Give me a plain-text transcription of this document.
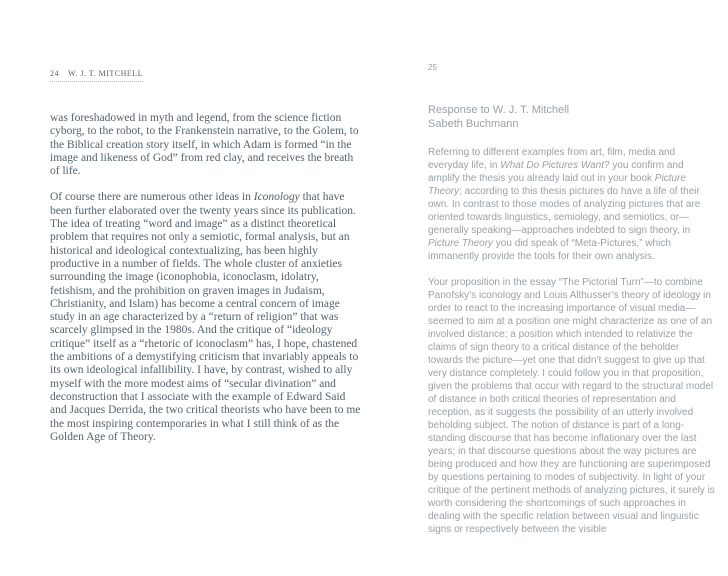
24 W. J. T. MITCHELL

was foreshadowed in myth and legend, from the science fiction cyborg, to the robot, to the Frankenstein narrative, to the Golem, to the Biblical creation story itself, in which Adam is formed “in the image and likeness of God” from red clay, and receives the breath of life.

Of course there are numerous other ideas in Iconology that have been further elaborated over the twenty years since its publication. The idea of treating “word and image” as a distinct theoretical problem that requires not only a semiotic, formal analysis, but an historical and ideological contextualizing, has been highly productive in a number of fields. The whole cluster of anxieties surrounding the image (iconophobia, iconoclasm, idolatry, fetishism, and the prohibition on graven images in Judaism, Christianity, and Islam) has become a central concern of image study in an age characterized by a “return of religion” that was scarcely glimpsed in the 1980s. And the critique of “ideology critique” itself as a “rhetoric of iconoclasm” has, I hope, chastened the ambitions of a demystifying criticism that invariably appeals to its own ideological infallibility. I have, by contrast, wished to ally myself with the more modest aims of “secular divination” and deconstruction that I associate with the example of Edward Said and Jacques Derrida, the two critical theorists who have been to me the most inspiring contemporaries in what I still think of as the Golden Age of Theory.

25
Response to W. J. T. Mitchell
Sabeth Buchmann

Referring to different examples from art, film, media and everyday life, in What Do Pictures Want? you confirm and amplify the thesis you already laid out in your book Picture Theory; according to this thesis pictures do have a life of their own. In contrast to those modes of analyzing pictures that are oriented towards linguistics, semiology, and semiotics, or—generally speaking—approaches indebted to sign theory, in Picture Theory you did speak of “Meta-Pictures,” which immanently provide the tools for their own analysis.

Your proposition in the essay “The Pictorial Turn”—to combine Panofsky’s iconology and Louis Althusser’s theory of ideology in order to react to the increasing importance of visual media—seemed to aim at a position one might characterize as one of an involved distance; a position which intended to relativize the claims of sign theory to a critical distance of the beholder towards the picture—yet one that didn’t suggest to give up that very distance completely. I could follow you in that proposition, given the problems that occur with regard to the structural model of distance in both critical theories of representation and reception, as it suggests the possibility of an utterly involved beholding subject. The notion of distance is part of a long-standing discourse that has become inflationary over the last years; in that discourse questions about the way pictures are being produced and how they are functioning are superimposed by questions pertaining to modes of subjectivity. In light of your critique of the pertinent methods of analyzing pictures, it surely is worth considering the shortcomings of such approaches in dealing with the specific relation between visual and linguistic signs or respectively between the visible
